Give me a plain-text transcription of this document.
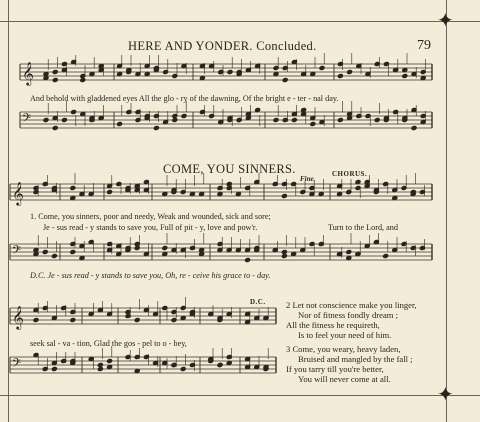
✦
✦
HERE AND YONDER. Concluded.	79
𝄞
𝄢
𝄞
𝄢
𝄞
𝄢
And behold with gladdened eyes All the glo - ry of the dawning, Of the bright e - ter - nal day.
COME, YOU SINNERS.
Fine.
CHORUS.
1. Come, you sinners, poor and needy, Weak and wounded, sick and sore;
Je - sus read - y stands to save you, Full of pit - y, love and pow'r.	Turn to the Lord, and
D.C. Je - sus read - y stands to save you, Oh, re - ceive his grace to - day.
D.C.
seek sal - va - tion, Glad the gos - pel to o - bey,
2 Let not conscience make you linger,
Nor of fitness fondly dream ;
All the fitness he requireth,
Is to feel your need of him.
3 Come, you weary, heavy laden,
Bruised and mangled by the fall ;
If you tarry till you're better,
You will never come at all.
